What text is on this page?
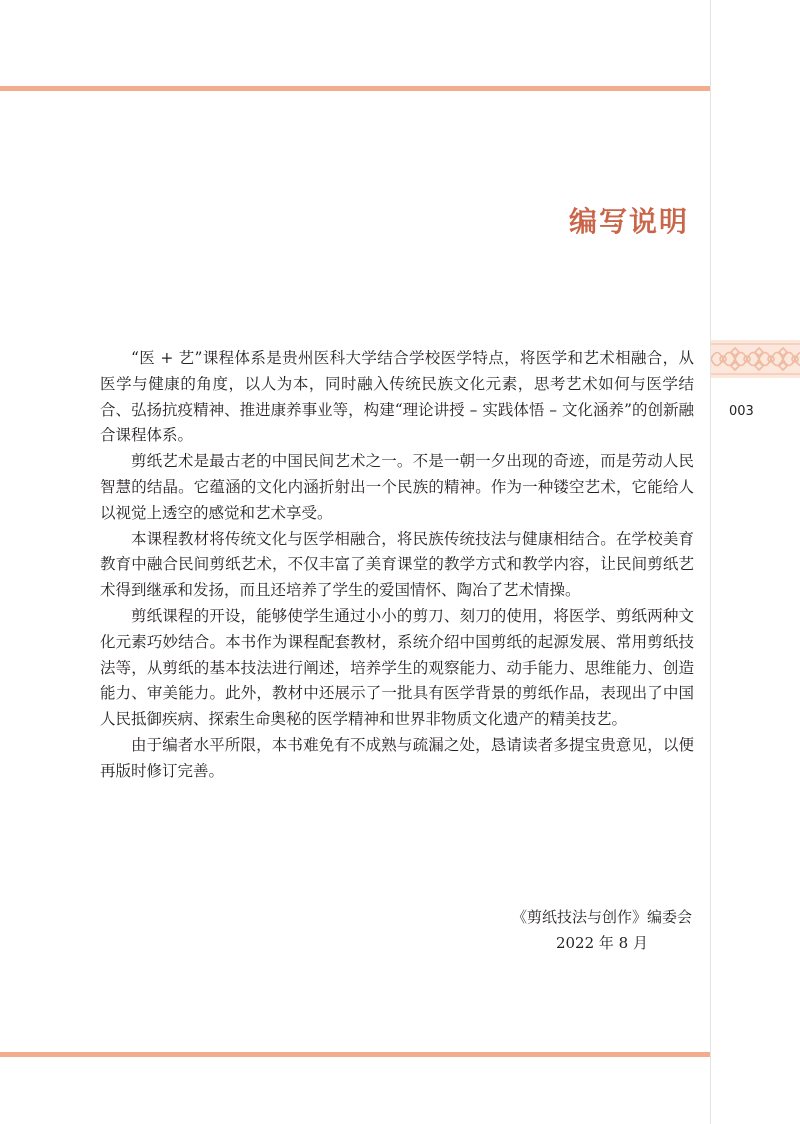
003
编写说明

“医 + 艺”课程体系是贵州医科大学结合学校医学特点，将医学和艺术相融合，从医学与健康的角度，以人为本，同时融入传统民族文化元素，思考艺术如何与医学结合、弘扬抗疫精神、推进康养事业等，构建“理论讲授 – 实践体悟 – 文化涵养”的创新融合课程体系。

剪纸艺术是最古老的中国民间艺术之一。不是一朝一夕出现的奇迹，而是劳动人民智慧的结晶。它蕴涵的文化内涵折射出一个民族的精神。作为一种镂空艺术，它能给人以视觉上透空的感觉和艺术享受。

本课程教材将传统文化与医学相融合，将民族传统技法与健康相结合。在学校美育教育中融合民间剪纸艺术，不仅丰富了美育课堂的教学方式和教学内容，让民间剪纸艺术得到继承和发扬，而且还培养了学生的爱国情怀、陶冶了艺术情操。

剪纸课程的开设，能够使学生通过小小的剪刀、刻刀的使用，将医学、剪纸两种文化元素巧妙结合。本书作为课程配套教材，系统介绍中国剪纸的起源发展、常用剪纸技法等，从剪纸的基本技法进行阐述，培养学生的观察能力、动手能力、思维能力、创造能力、审美能力。此外，教材中还展示了一批具有医学背景的剪纸作品，表现出了中国人民抵御疾病、探索生命奥秘的医学精神和世界非物质文化遗产的精美技艺。

由于编者水平所限，本书难免有不成熟与疏漏之处，恳请读者多提宝贵意见，以便再版时修订完善。

《剪纸技法与创作》编委会
2022 年 8 月
